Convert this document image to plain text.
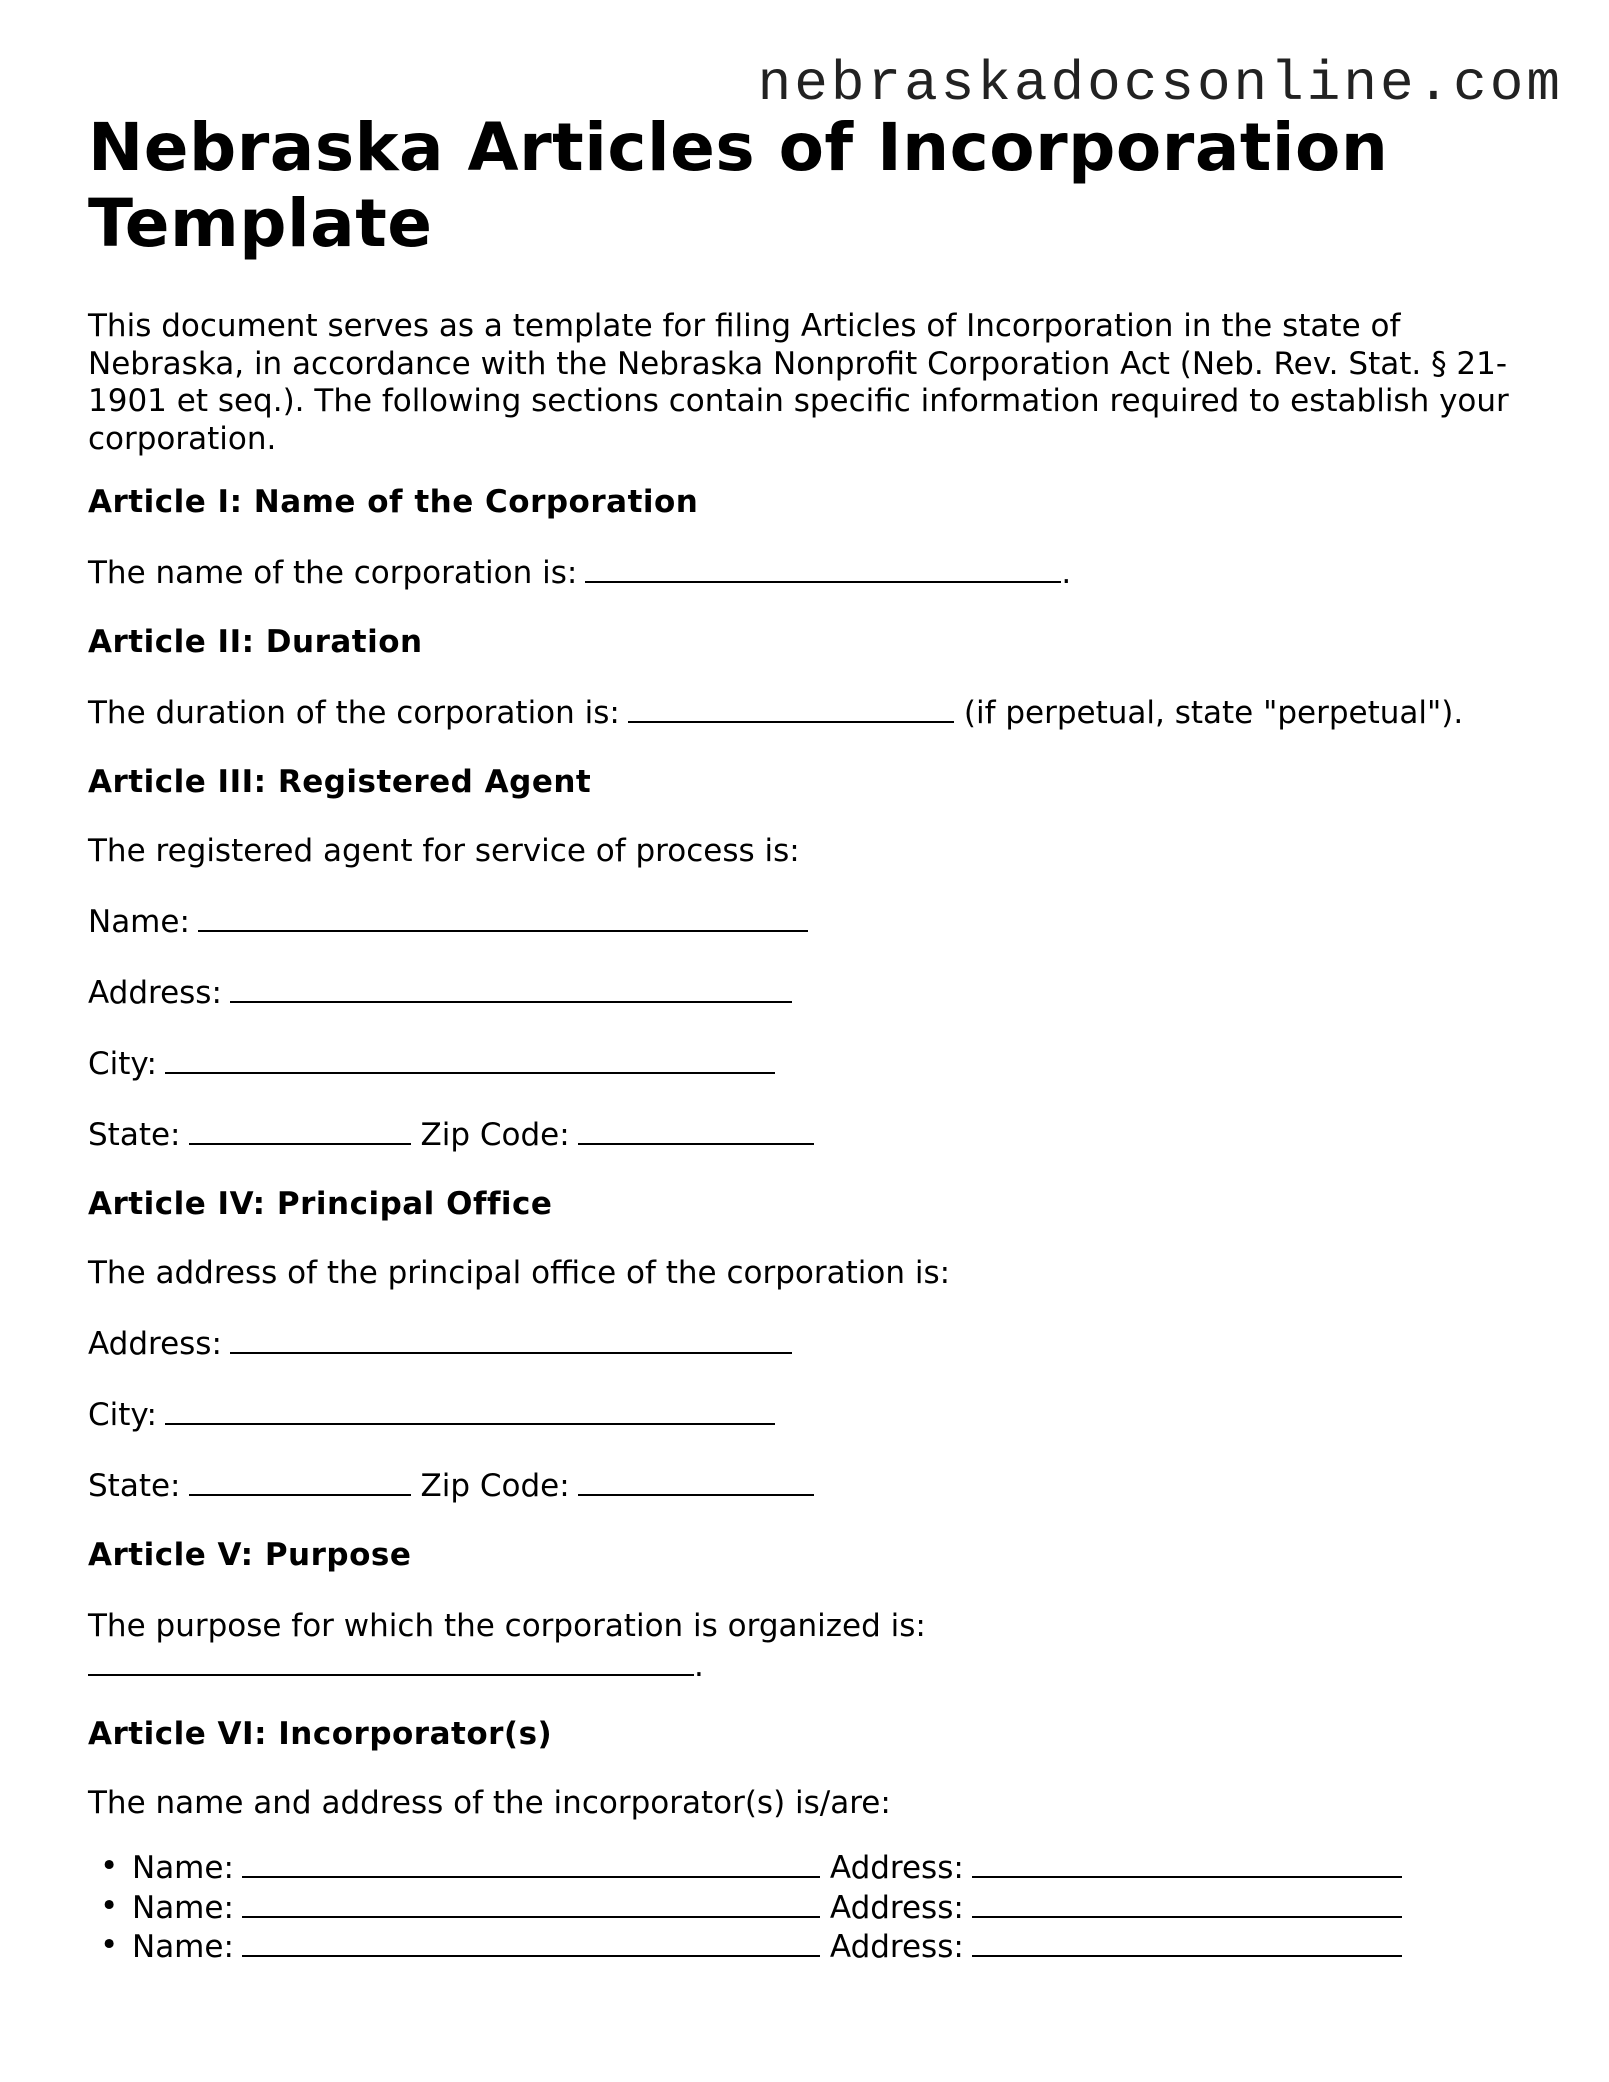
nebraskadocsonline.com
Nebraska Articles of Incorporation Template

This document serves as a template for filing Articles of Incorporation in the state of Nebraska, in accordance with the Nebraska Nonprofit Corporation Act (Neb. Rev. Stat. § 21-1901 et seq.). The following sections contain specific information required to establish your corporation.

Article I: Name of the Corporation
The name of the corporation is:	.
Article II: Duration
The duration of the corporation is:	(if perpetual, state "perpetual").
Article III: Registered Agent
The registered agent for service of process is:
Name:
Address:
City:
State:	Zip Code:
Article IV: Principal Office
The address of the principal office of the corporation is:
Address:
City:
State:	Zip Code:
Article V: Purpose
The purpose for which the corporation is organized is:
.
Article VI: Incorporator(s)
The name and address of the incorporator(s) is/are:
• Name:	Address:
• Name:	Address:
• Name:	Address:
